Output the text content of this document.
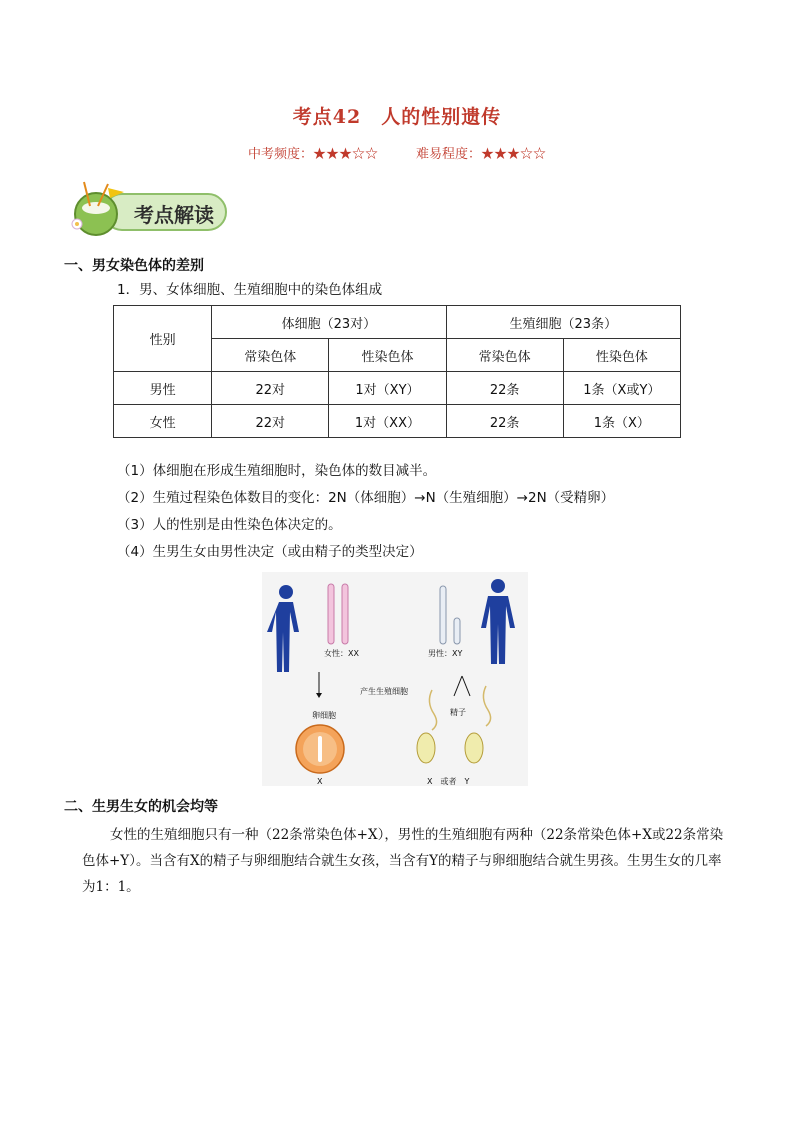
考点42　人的性别遗传
中考频度：★★★☆☆	难易程度：★★★☆☆
考点解读
一、男女染色体的差别
1．男、女体细胞、生殖细胞中的染色体组成
性别	体细胞（23对）		生殖细胞（23条）	
	常染色体	性染色体	常染色体	性染色体
男性	22对	1对（XY）	22条	1条（X或Y）
女性	22对	1对（XX）	22条	1条（X）
（1）体细胞在形成生殖细胞时，染色体的数目减半。
（2）生殖过程染色体数目的变化：2N（体细胞）→N（生殖细胞）→2N（受精卵）
（3）人的性别是由性染色体决定的。
（4）生男生女由男性决定（或由精子的类型决定）
女性：XX	男性：XY
产生生殖细胞
卵细胞
X
精子
X　或者　Y
二、生男生女的机会均等
女性的生殖细胞只有一种（22条常染色体+X），男性的生殖细胞有两种（22条常染色体+X或22条常染色体+Y）。当含有X的精子与卵细胞结合就生女孩，当含有Y的精子与卵细胞结合就生男孩。生男生女的几率为1：1。
